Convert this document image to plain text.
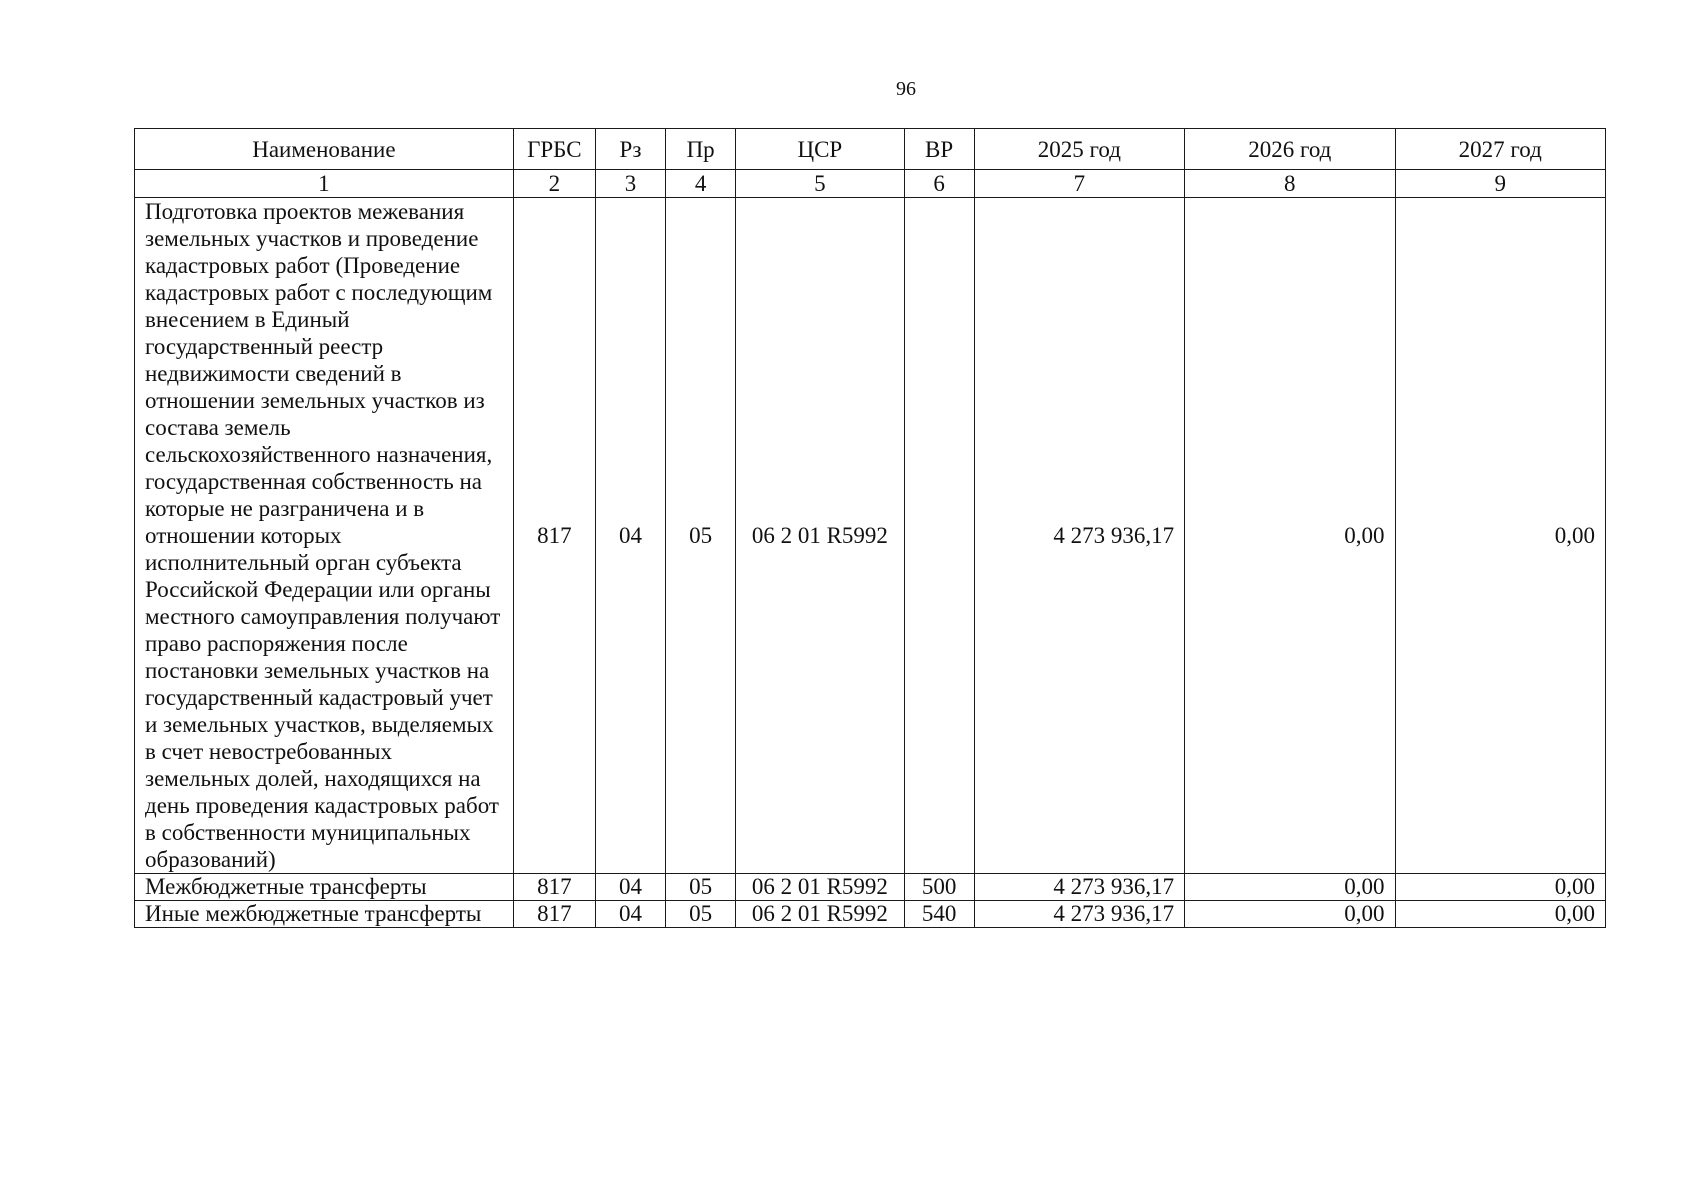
96
Наименование	ГРБС	Рз	Пр	ЦСР	ВР	2025 год	2026 год	2027 год
1	2	3	4	5	6	7	8	9
Подготовка проектов межевания земельных участков и проведение кадастровых работ (Проведение кадастровых работ с последующим внесением в Единый государственный реестр недвижимости сведений в отношении земельных участков из состава земель сельскохозяйственного назначения, государственная собственность на которые не разграничена и в отношении которых исполнительный орган субъекта Российской Федерации или органы местного самоуправления получают право распоряжения после постановки земельных участков на государственный кадастровый учет и земельных участков, выделяемых в счет невостребованных земельных долей, находящихся на день проведения кадастровых работ в собственности муниципальных образований)	817	04	05	06 2 01 R5992		4 273 936,17	0,00	0,00
Межбюджетные трансферты	817	04	05	06 2 01 R5992	500	4 273 936,17	0,00	0,00
Иные межбюджетные трансферты	817	04	05	06 2 01 R5992	540	4 273 936,17	0,00	0,00
